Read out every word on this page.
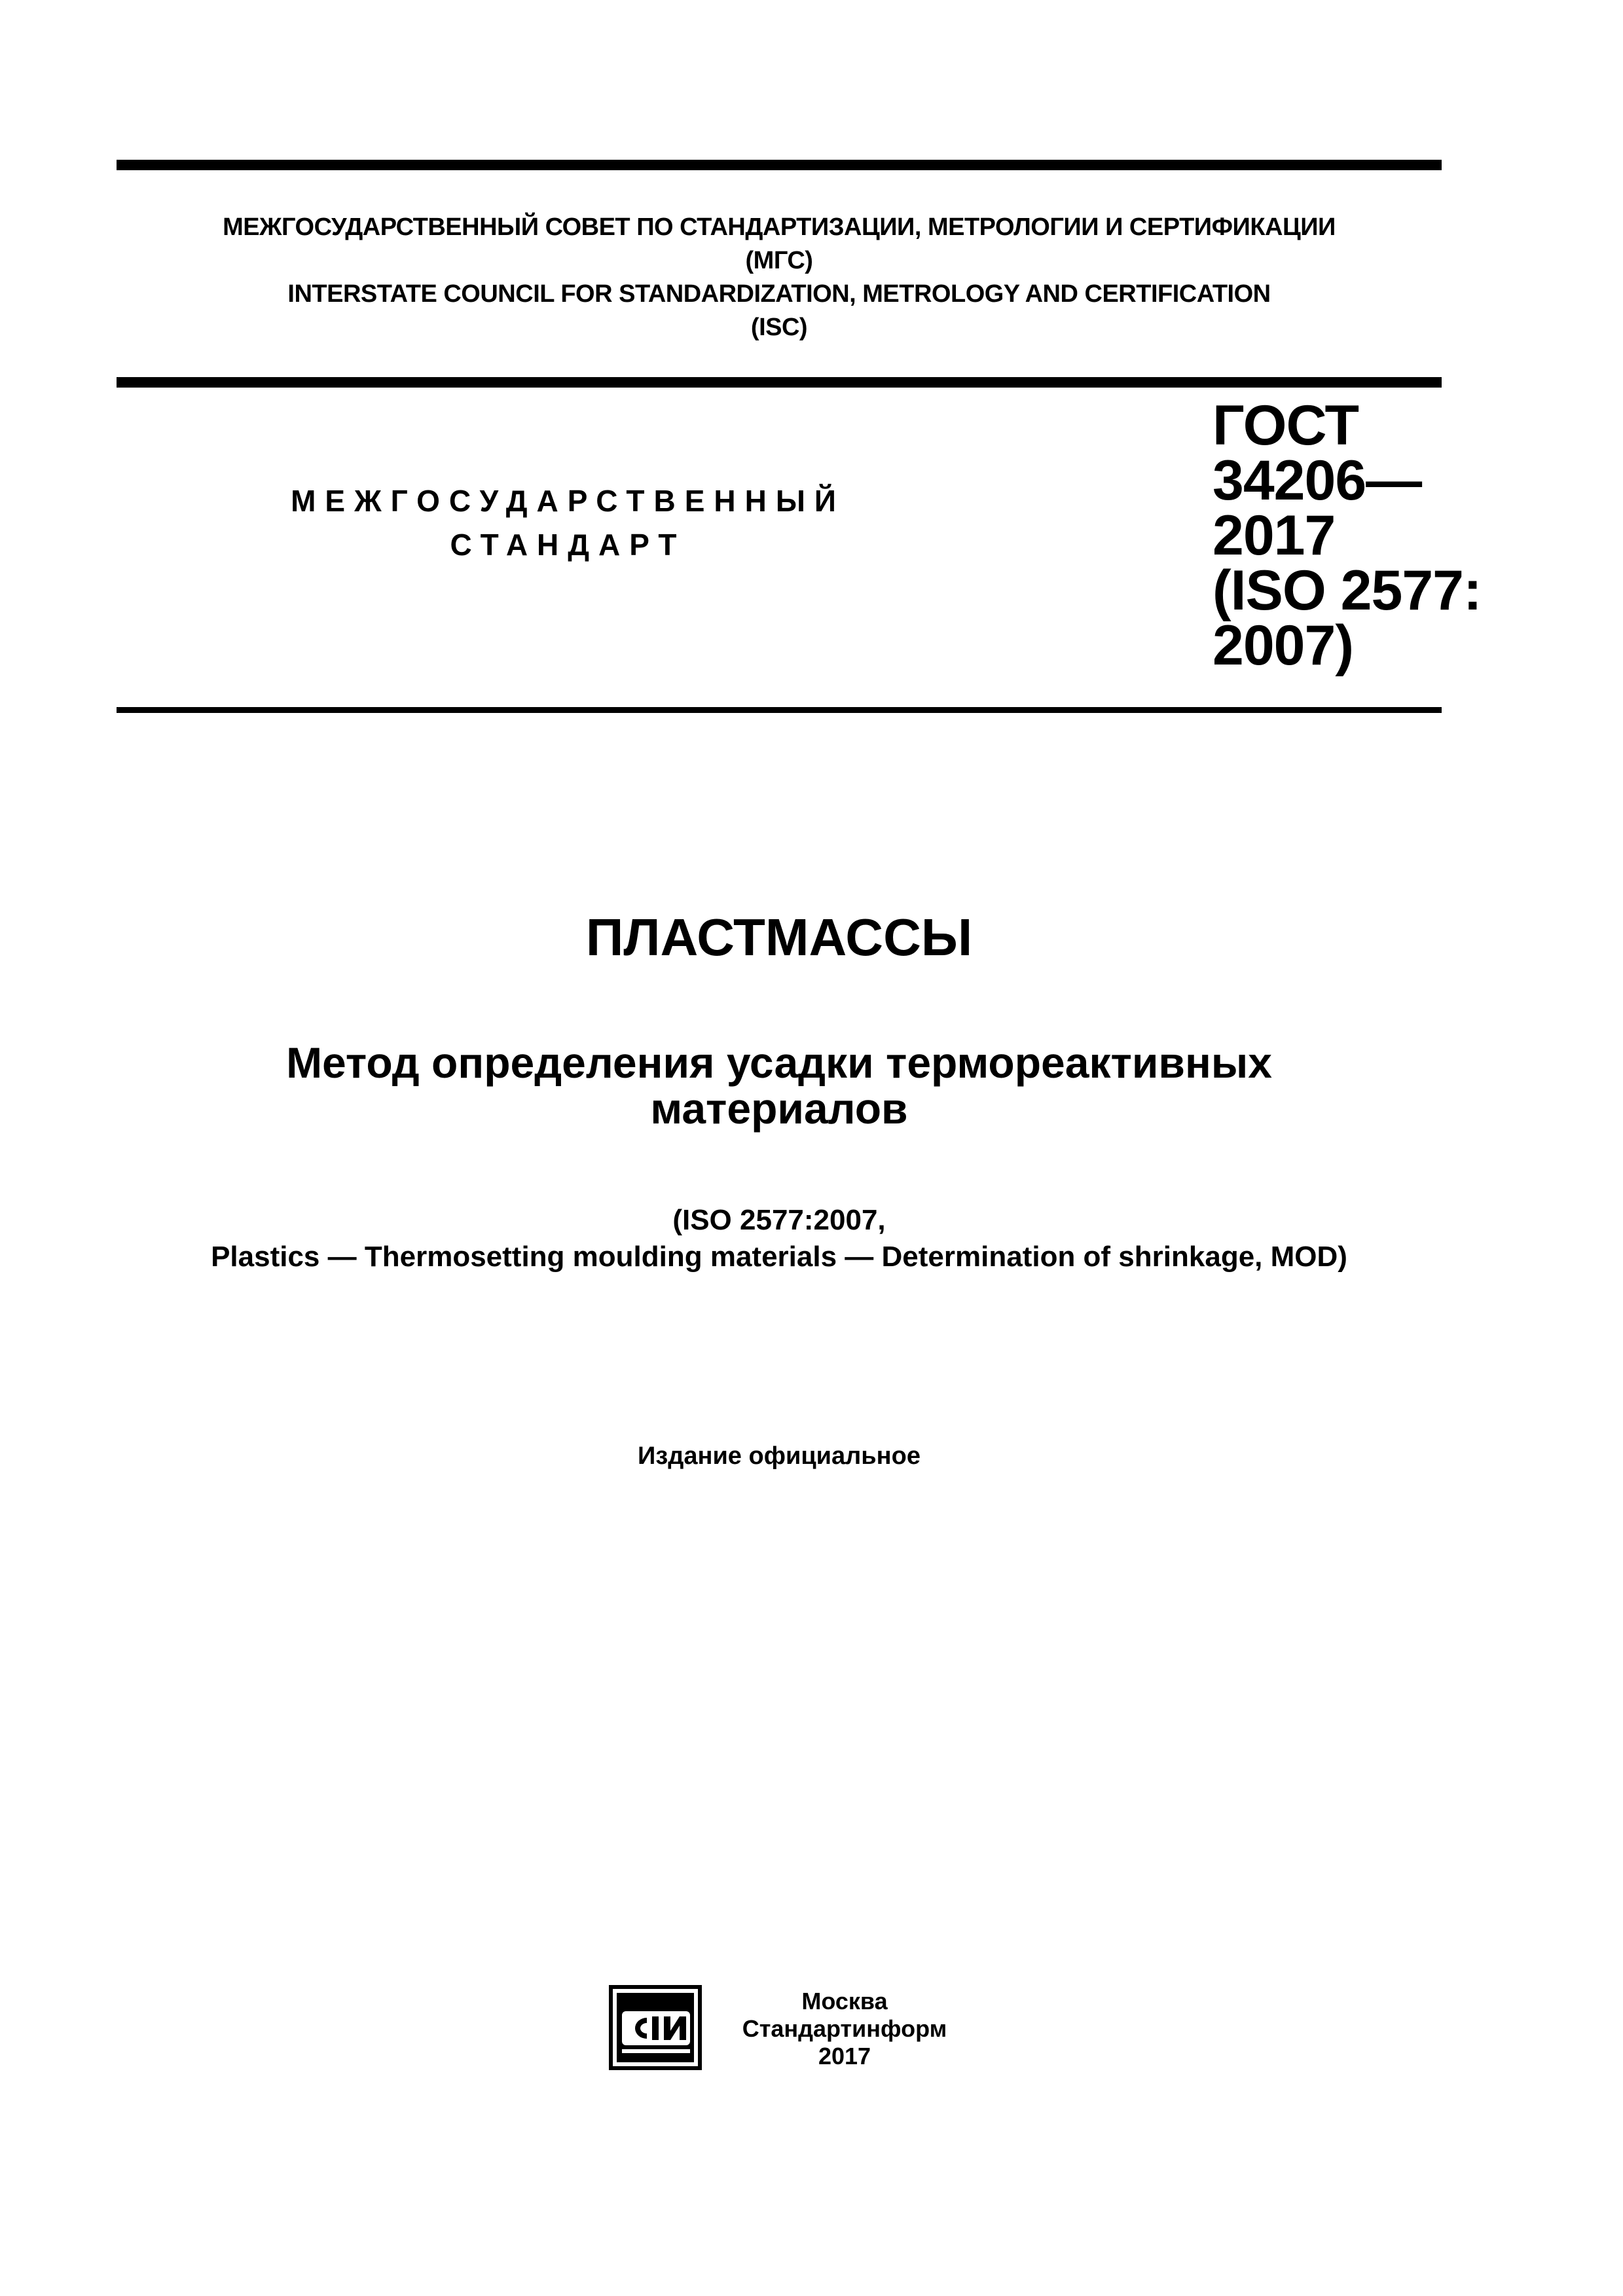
МЕЖГОСУДАРСТВЕННЫЙ СОВЕТ ПО СТАНДАРТИЗАЦИИ, МЕТРОЛОГИИ И СЕРТИФИКАЦИИ
(МГС)
INTERSTATE COUNCIL FOR STANDARDIZATION, METROLOGY AND CERTIFICATION
(ISC)
МЕЖГОСУДАРСТВЕННЫЙ
СТАНДАРТ
ГОСТ
34206—
2017
(ISO 2577:
2007)
ПЛАСТМАССЫ
Метод определения усадки термореактивных
материалов
(ISO 2577:2007,
Plastics — Thermosetting moulding materials — Determination of shrinkage, MOD)
Издание официальное
Москва
Стандартинформ
2017
